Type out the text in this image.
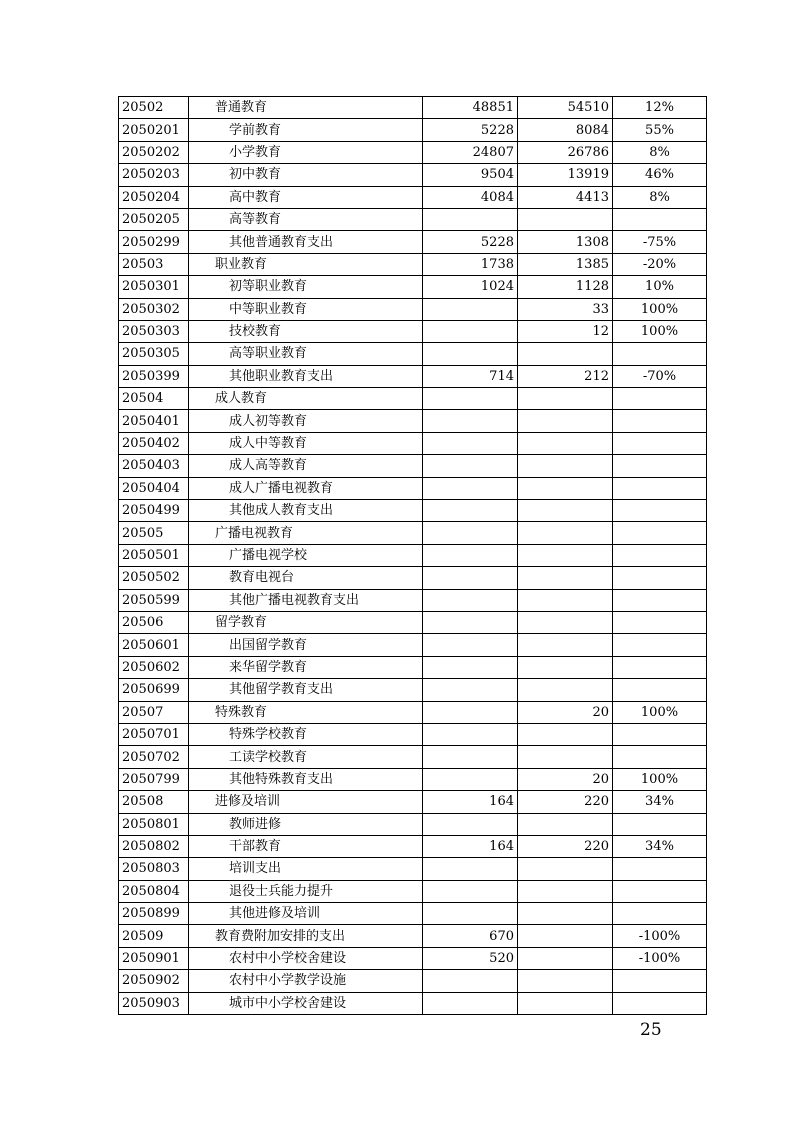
20502	普通教育	48851	54510	12%
2050201	学前教育	5228	8084	55%
2050202	小学教育	24807	26786	8%
2050203	初中教育	9504	13919	46%
2050204	高中教育	4084	4413	8%
2050205	高等教育			
2050299	其他普通教育支出	5228	1308	-75%
20503	职业教育	1738	1385	-20%
2050301	初等职业教育	1024	1128	10%
2050302	中等职业教育		33	100%
2050303	技校教育		12	100%
2050305	高等职业教育			
2050399	其他职业教育支出	714	212	-70%
20504	成人教育			
2050401	成人初等教育			
2050402	成人中等教育			
2050403	成人高等教育			
2050404	成人广播电视教育			
2050499	其他成人教育支出			
20505	广播电视教育			
2050501	广播电视学校			
2050502	教育电视台			
2050599	其他广播电视教育支出			
20506	留学教育			
2050601	出国留学教育			
2050602	来华留学教育			
2050699	其他留学教育支出			
20507	特殊教育		20	100%
2050701	特殊学校教育			
2050702	工读学校教育			
2050799	其他特殊教育支出		20	100%
20508	进修及培训	164	220	34%
2050801	教师进修			
2050802	干部教育	164	220	34%
2050803	培训支出			
2050804	退役士兵能力提升			
2050899	其他进修及培训			
20509	教育费附加安排的支出	670		-100%
2050901	农村中小学校舍建设	520		-100%
2050902	农村中小学教学设施			
2050903	城市中小学校舍建设			
25
